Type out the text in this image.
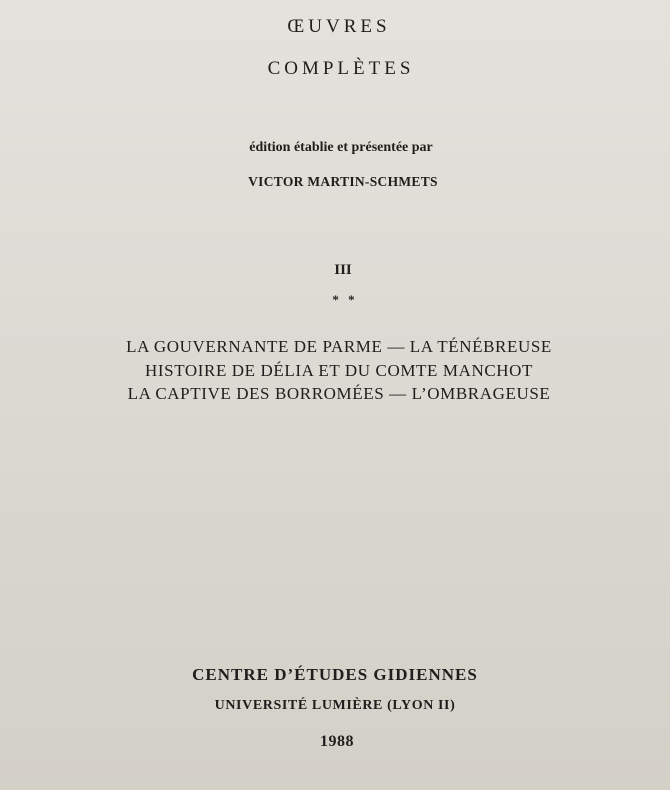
ŒUVRES
COMPLÈTES
édition établie et présentée par
VICTOR MARTIN-SCHMETS
III
* *
LA GOUVERNANTE DE PARME — LA TÉNÉBREUSE
HISTOIRE DE DÉLIA ET DU COMTE MANCHOT
LA CAPTIVE DES BORROMÉES — L’OMBRAGEUSE
CENTRE D’ÉTUDES GIDIENNES
UNIVERSITÉ LUMIÈRE (LYON II)
1988
